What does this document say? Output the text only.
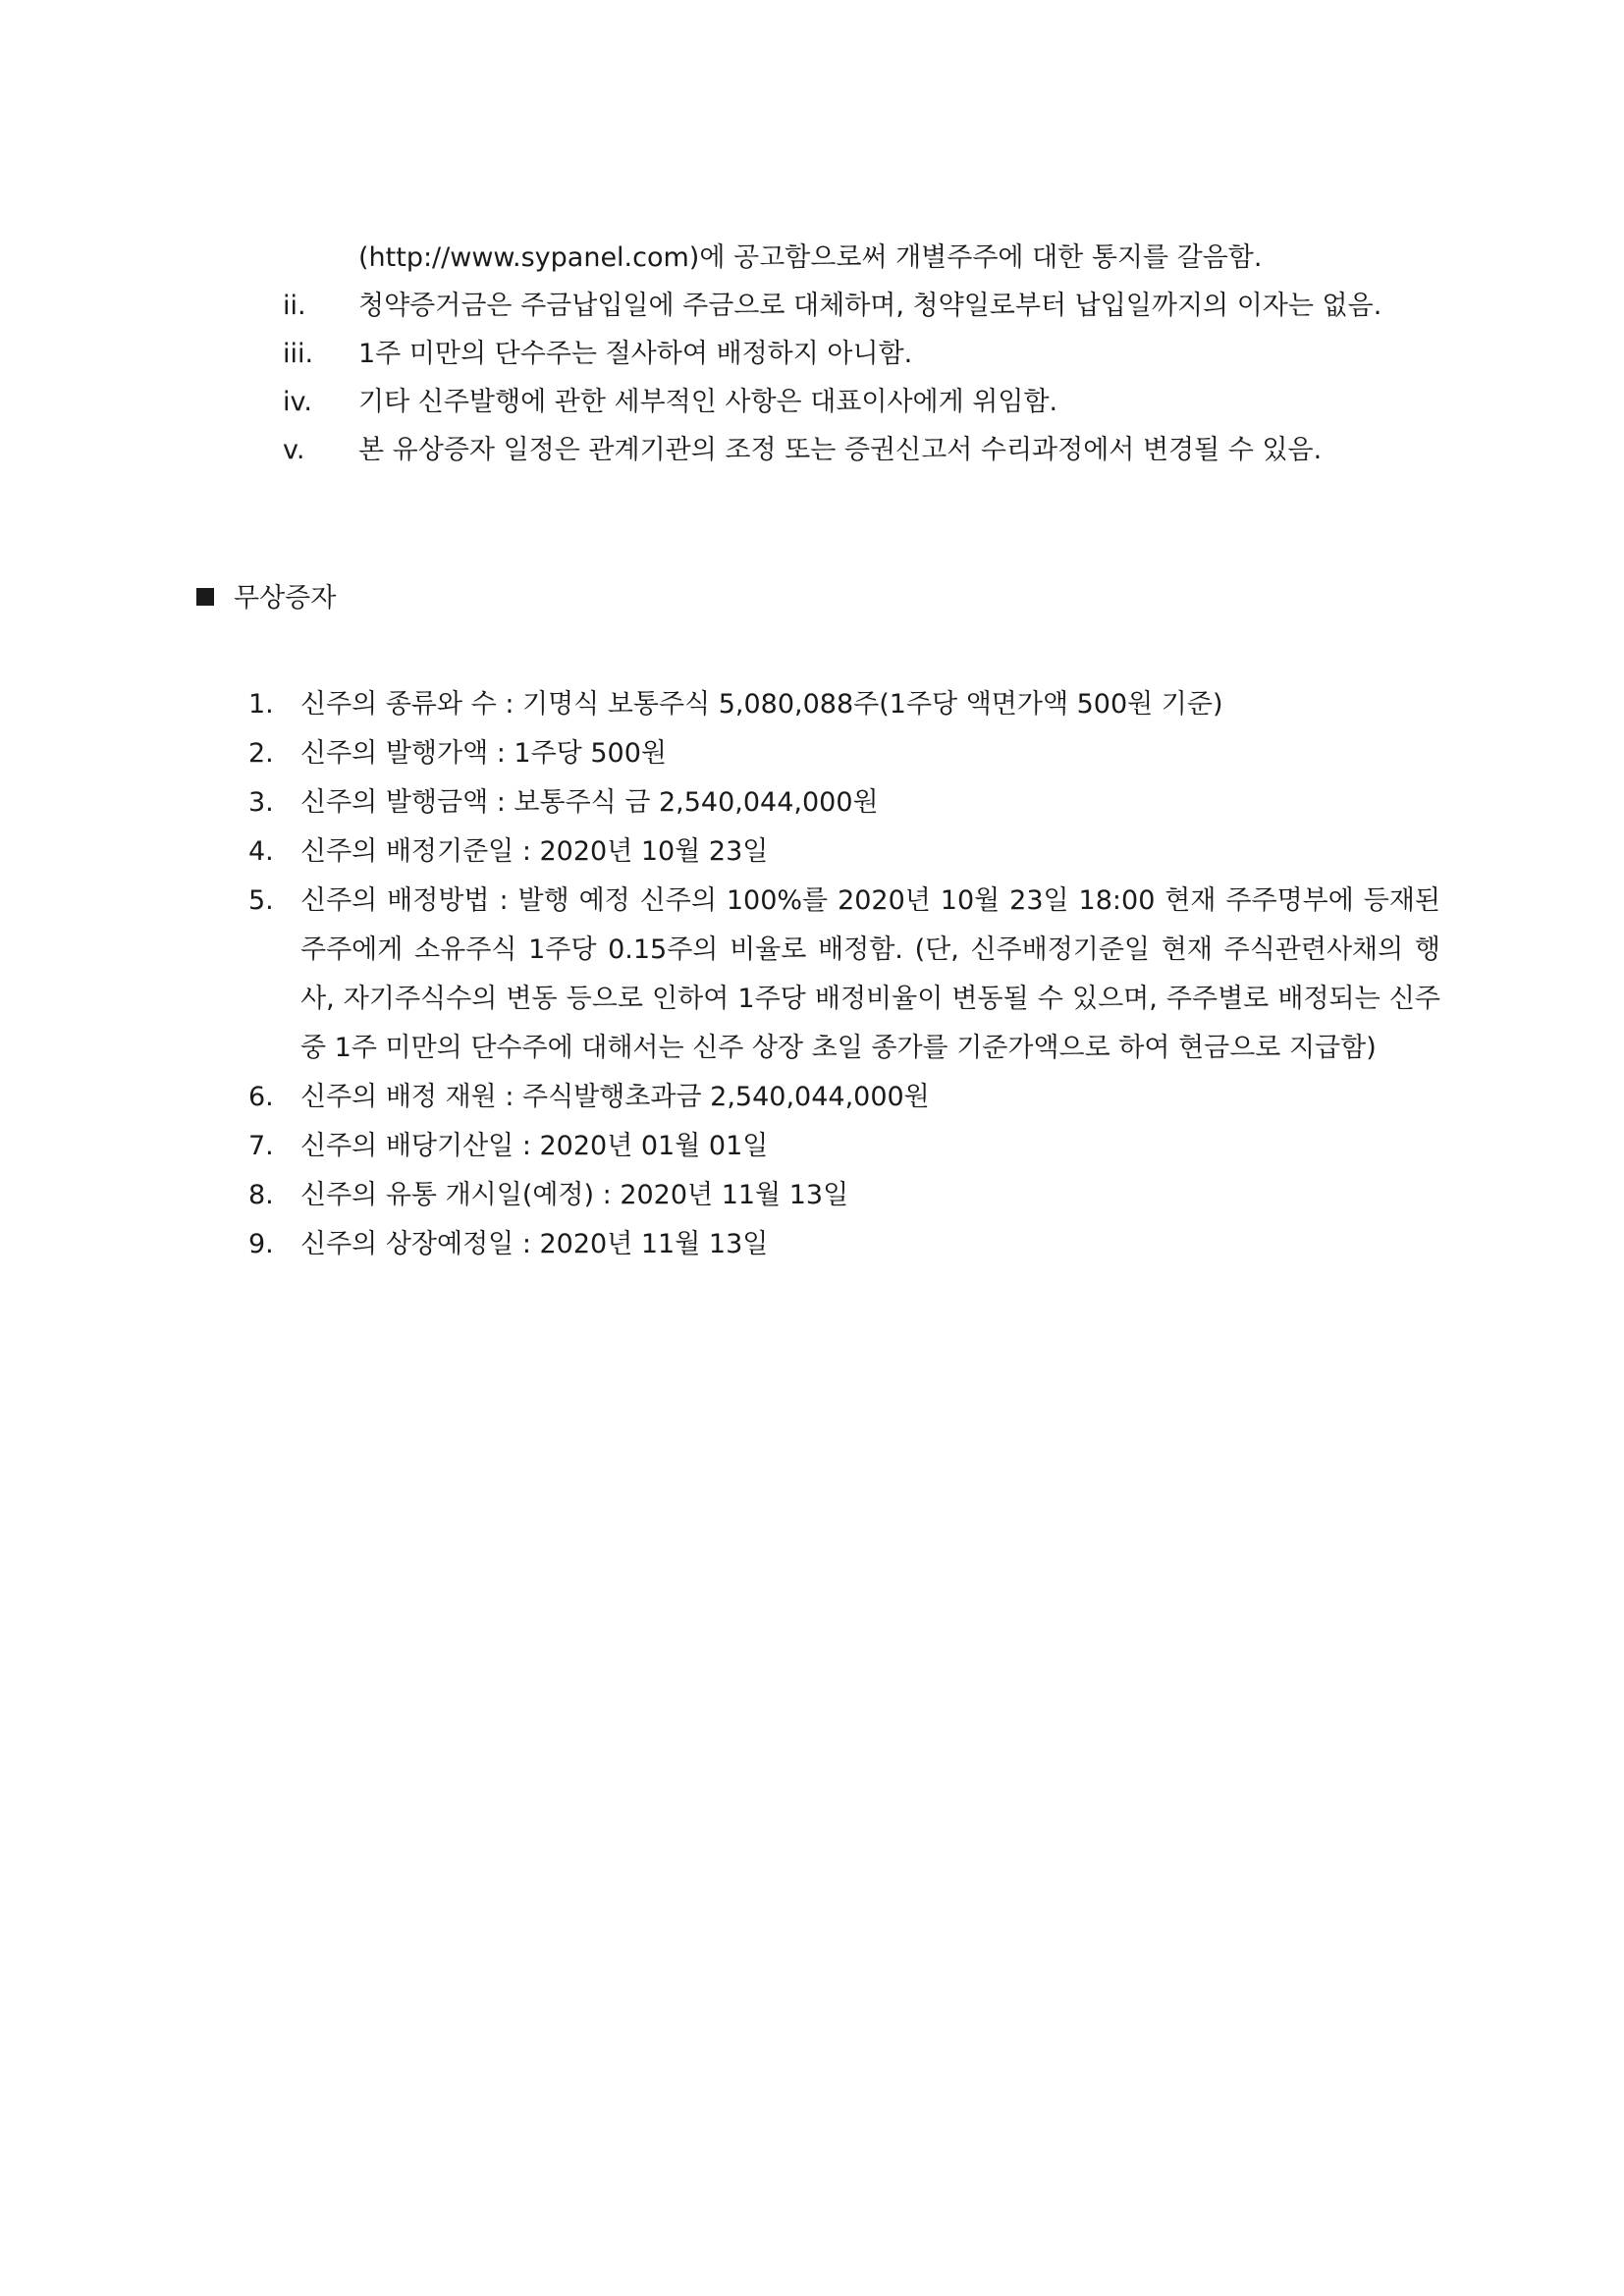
(http://www.sypanel.com)에 공고함으로써 개별주주에 대한 통지를 갈음함.
ii.	청약증거금은 주금납입일에 주금으로 대체하며, 청약일로부터 납입일까지의 이자는 없음.
iii.	1주 미만의 단수주는 절사하여 배정하지 아니함.
iv.	기타 신주발행에 관한 세부적인 사항은 대표이사에게 위임함.
v.	본 유상증자 일정은 관계기관의 조정 또는 증권신고서 수리과정에서 변경될 수 있음.
무상증자
1.	신주의 종류와 수 : 기명식 보통주식 5,080,088주(1주당 액면가액 500원 기준)
2.	신주의 발행가액 : 1주당 500원
3.	신주의 발행금액 : 보통주식 금 2,540,044,000원
4.	신주의 배정기준일 : 2020년 10월 23일
5.	신주의 배정방법 : 발행 예정 신주의 100%를 2020년 10월 23일 18:00 현재 주주명부에 등재된 주주에게 소유주식 1주당 0.15주의 비율로 배정함. (단, 신주배정기준일 현재 주식관련사채의 행사, 자기주식수의 변동 등으로 인하여 1주당 배정비율이 변동될 수 있으며, 주주별로 배정되는 신주 중 1주 미만의 단수주에 대해서는 신주 상장 초일 종가를 기준가액으로 하여 현금으로 지급함)
6.	신주의 배정 재원 : 주식발행초과금 2,540,044,000원
7.	신주의 배당기산일 : 2020년 01월 01일
8.	신주의 유통 개시일(예정) : 2020년 11월 13일
9.	신주의 상장예정일 : 2020년 11월 13일
